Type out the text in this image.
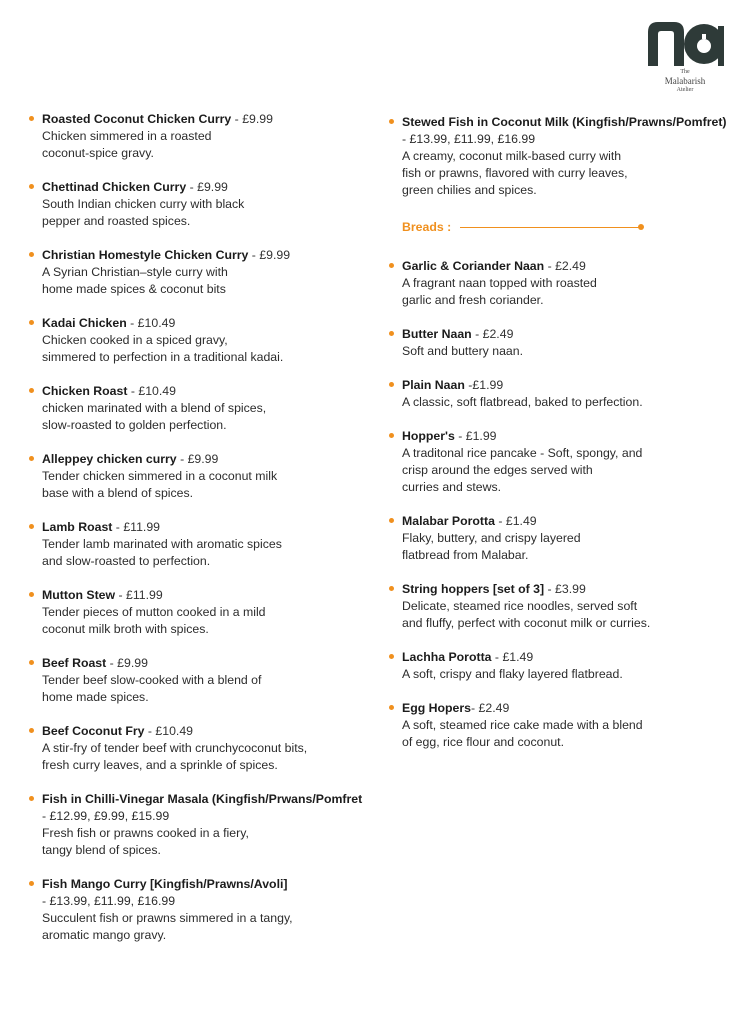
The
Malabarish
Atelier
Roasted Coconut Chicken Curry - £9.99
Chicken simmered in a roasted
coconut-spice gravy.
Chettinad Chicken Curry - £9.99
South Indian chicken curry with black
pepper and roasted spices.
Christian Homestyle Chicken Curry - £9.99
A Syrian Christian–style curry with
home made spices & coconut bits
Kadai Chicken - £10.49
Chicken cooked in a spiced gravy,
simmered to perfection in a traditional kadai.
Chicken Roast - £10.49
chicken marinated with a blend of spices,
slow-roasted to golden perfection.
Alleppey chicken curry - £9.99
Tender chicken simmered in a coconut milk
base with a blend of spices.
Lamb Roast - £11.99
Tender lamb marinated with aromatic spices
and slow-roasted to perfection.
Mutton Stew - £11.99
Tender pieces of mutton cooked in a mild
coconut milk broth with spices.
Beef Roast - £9.99
Tender beef slow-cooked with a blend of
home made spices.
Beef Coconut Fry - £10.49
A stir-fry of tender beef with crunchycoconut bits,
fresh curry leaves, and a sprinkle of spices.
Fish in Chilli-Vinegar Masala (Kingfish/Prwans/Pomfret
- £12.99, £9.99, £15.99
Fresh fish or prawns cooked in a fiery,
tangy blend of spices.
Fish Mango Curry [Kingfish/Prawns/Avoli]
- £13.99, £11.99, £16.99
Succulent fish or prawns simmered in a tangy,
aromatic mango gravy.
Stewed Fish in Coconut Milk (Kingfish/Prawns/Pomfret)
- £13.99, £11.99, £16.99
A creamy, coconut milk-based curry with
fish or prawns, flavored with curry leaves,
green chilies and spices.
Breads :
Garlic & Coriander Naan - £2.49
A fragrant naan topped with roasted
garlic and fresh coriander.
Butter Naan - £2.49
Soft and buttery naan.
Plain Naan -£1.99
A classic, soft flatbread, baked to perfection.
Hopper's - £1.99
A traditonal rice pancake - Soft, spongy, and
crisp around the edges served with
curries and stews.
Malabar Porotta - £1.49
Flaky, buttery, and crispy layered
flatbread from Malabar.
String hoppers [set of 3] - £3.99
Delicate, steamed rice noodles, served soft
and fluffy, perfect with coconut milk or curries.
Lachha Porotta - £1.49
A soft, crispy and flaky layered flatbread.
Egg Hopers- £2.49
A soft, steamed rice cake made with a blend
of egg, rice flour and coconut.
